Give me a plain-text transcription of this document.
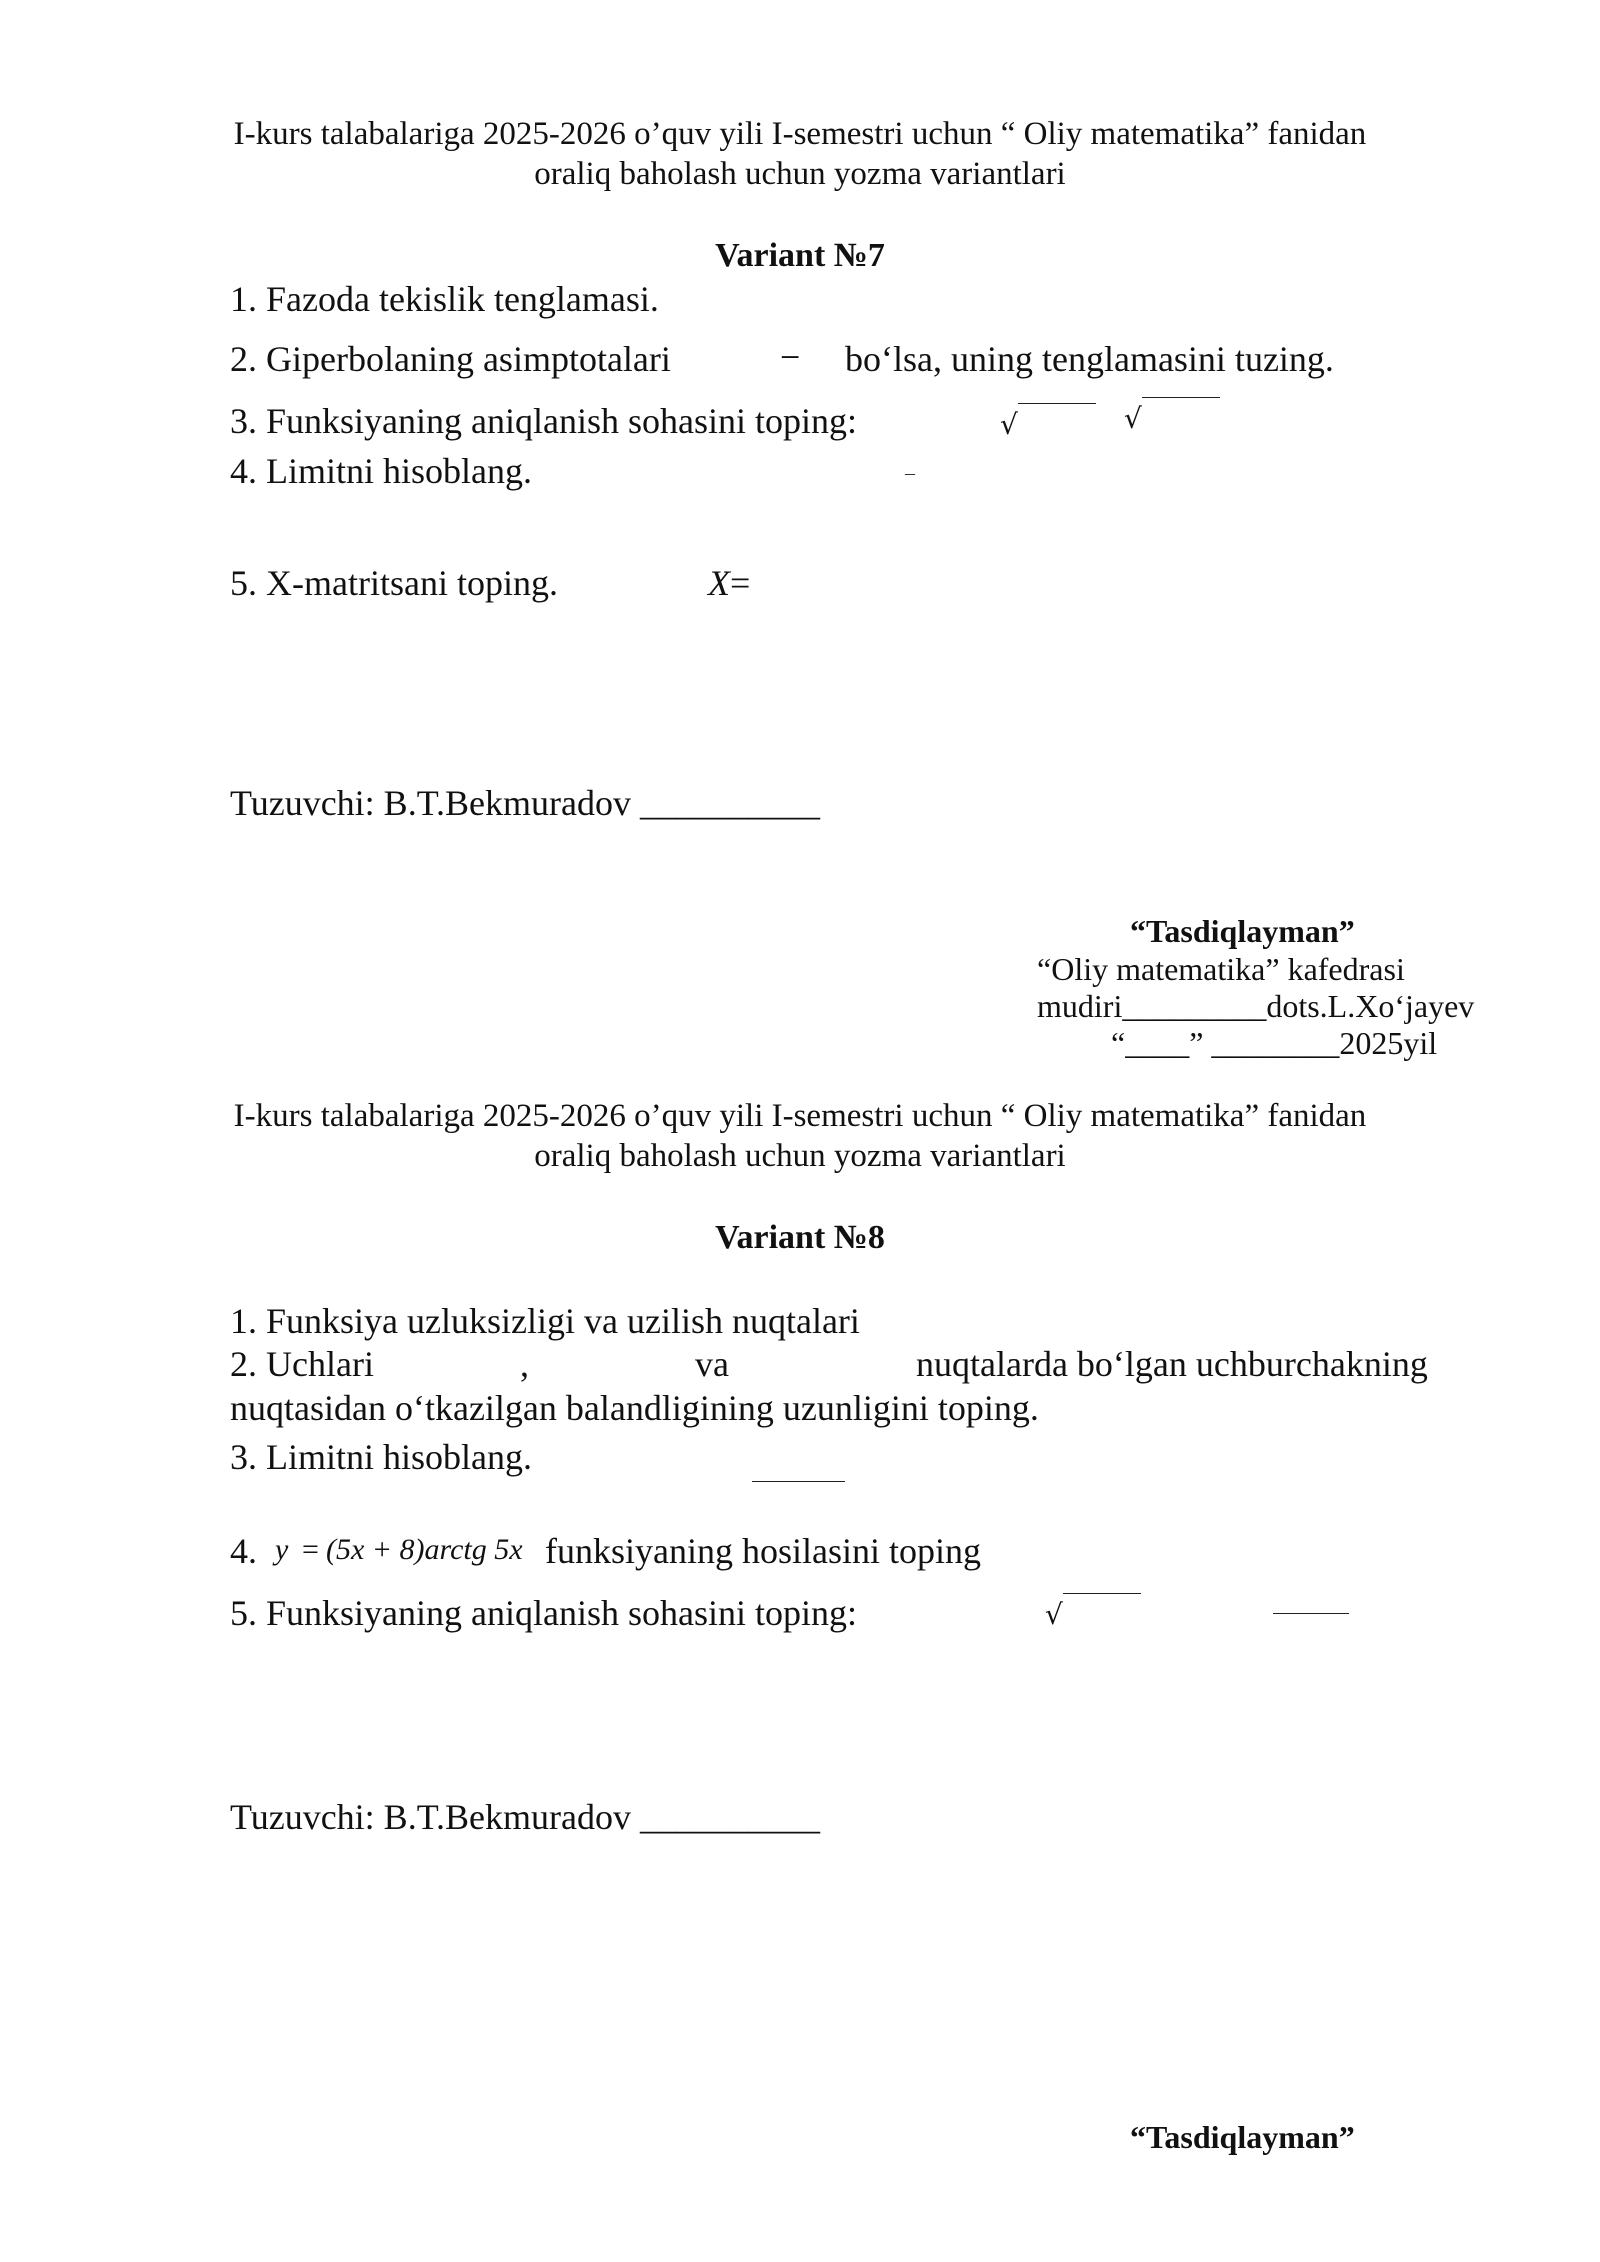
I-kurs talabalariga 2025-2026 o’quv yili I-semestri uchun “ Oliy matematika” fanidan
oraliq baholash uchun yozma variantlari
Variant №7
1. Fazoda tekislik tenglamasi.
2. Giperbolaning asimptotalari	− bo‘lsa, uning tenglamasini tuzing.
3. Funksiyaning aniqlanish sohasini toping:	√	√
4. Limitni hisoblang.	–
5. X-matritsani toping.	X=
Tuzuvchi: B.T.Bekmuradov __________
“Tasdiqlayman”
“Oliy matematika” kafedrasi
mudiri_________dots.L.Xo‘jayev
“____” ________2025yil
I-kurs talabalariga 2025-2026 o’quv yili I-semestri uchun “ Oliy matematika” fanidan
oraliq baholash uchun yozma variantlari
Variant №8
1. Funksiya uzluksizligi va uzilish nuqtalari
2. Uchlari	,	va	nuqtalarda bo‘lgan uchburchakning
nuqtasidan o‘tkazilgan balandligining uzunligini toping.
3. Limitni hisoblang.
4. y = (5x + 8)arctg 5x funksiyaning hosilasini toping
5. Funksiyaning aniqlanish sohasini toping:	√
Tuzuvchi: B.T.Bekmuradov __________
“Tasdiqlayman”
